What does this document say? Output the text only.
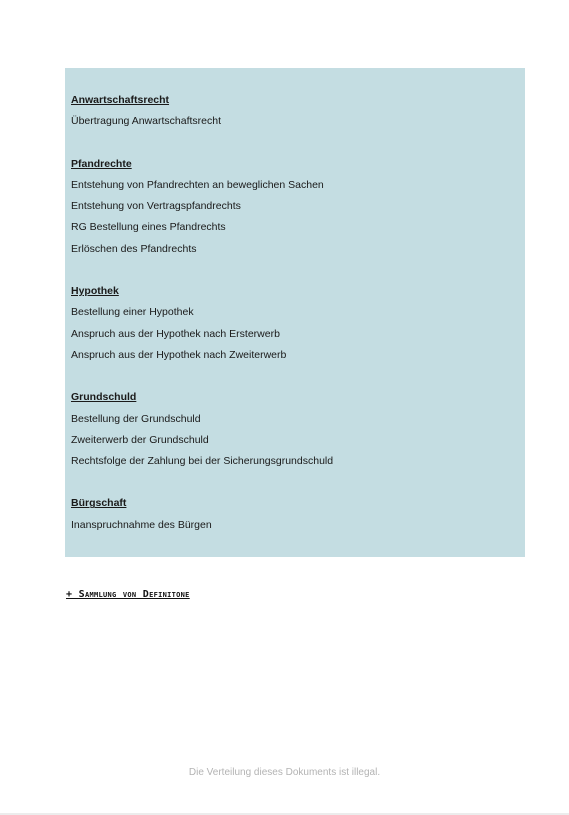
Anwartschaftsrecht
Übertragung Anwartschaftsrecht
Pfandrechte
Entstehung von Pfandrechten an beweglichen Sachen
Entstehung von Vertragspfandrechts
RG Bestellung eines Pfandrechts
Erlöschen des Pfandrechts
Hypothek
Bestellung einer Hypothek
Anspruch aus der Hypothek nach Ersterwerb
Anspruch aus der Hypothek nach Zweiterwerb
Grundschuld
Bestellung der Grundschuld
Zweiterwerb der Grundschuld
Rechtsfolge der Zahlung bei der Sicherungsgrundschuld
Bürgschaft
Inanspruchnahme des Bürgen
+ Sammlung von Definitone
Die Verteilung dieses Dokuments ist illegal.
